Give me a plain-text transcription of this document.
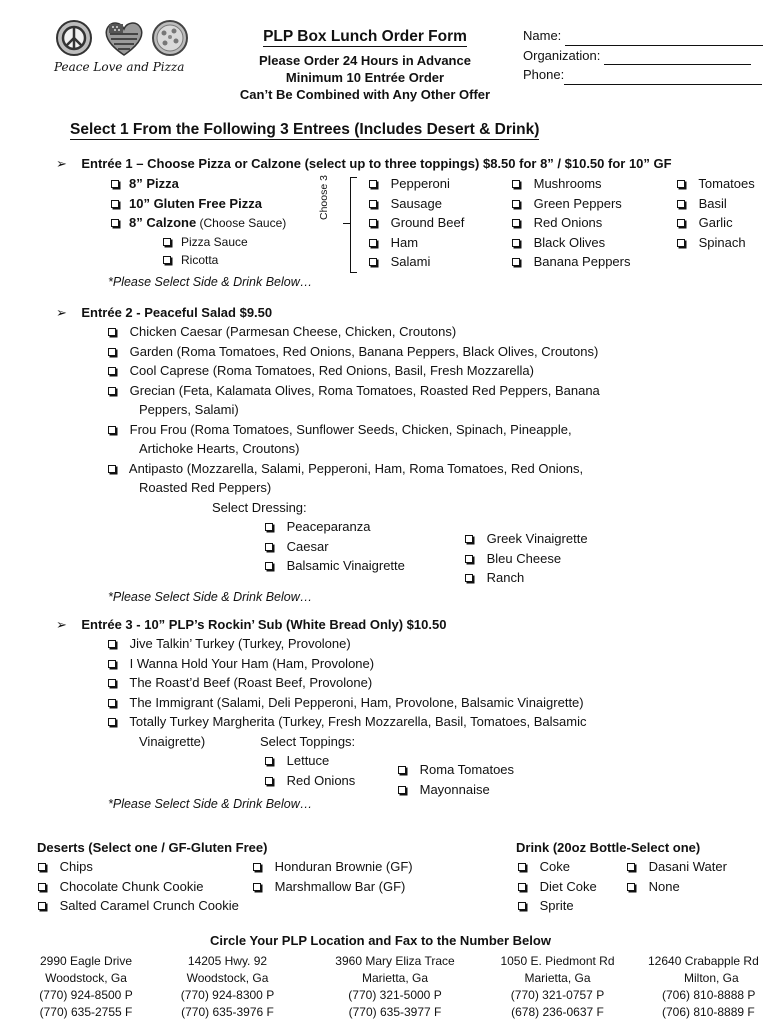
Peace Love and Pizza
PLP Box Lunch Order Form
Please Order 24 Hours in Advance
Minimum 10 Entrée Order
Can’t Be Combined with Any Other Offer
Name:
Organization:
Phone:
Select 1 From the Following 3 Entrees (Includes Desert & Drink)
➢ Entrée 1 – Choose Pizza or Calzone (select up to three toppings) $8.50 for 8” / $10.50 for 10” GF
8” Pizza
10” Gluten Free Pizza
8” Calzone (Choose Sauce)
Pizza Sauce
Ricotta
Choose 3	Pepperoni
Sausage
Ground Beef
Ham
Salami
Mushrooms
Green Peppers
Red Onions
Black Olives
Banana Peppers
Tomatoes
Basil
Garlic
Spinach
*Please Select Side & Drink Below…
➢ Entrée 2 - Peaceful Salad $9.50
Chicken Caesar (Parmesan Cheese, Chicken, Croutons)
Garden (Roma Tomatoes, Red Onions, Banana Peppers, Black Olives, Croutons)
Cool Caprese (Roma Tomatoes, Red Onions, Basil, Fresh Mozzarella)
Grecian (Feta, Kalamata Olives, Roma Tomatoes, Roasted Red Peppers, Banana
Peppers, Salami)
Frou Frou (Roma Tomatoes, Sunflower Seeds, Chicken, Spinach, Pineapple,
Artichoke Hearts, Croutons)
Antipasto (Mozzarella, Salami, Pepperoni, Ham, Roma Tomatoes, Red Onions,
Roasted Red Peppers)
Select Dressing:
Peaceparanza
Caesar
Balsamic Vinaigrette
Greek Vinaigrette
Bleu Cheese
Ranch
*Please Select Side & Drink Below…
➢ Entrée 3 - 10” PLP’s Rockin’ Sub (White Bread Only) $10.50
Jive Talkin’ Turkey (Turkey, Provolone)
I Wanna Hold Your Ham (Ham, Provolone)
The Roast’d Beef (Roast Beef, Provolone)
The Immigrant (Salami, Deli Pepperoni, Ham, Provolone, Balsamic Vinaigrette)
Totally Turkey Margherita (Turkey, Fresh Mozzarella, Basil, Tomatoes, Balsamic
Vinaigrette)	Select Toppings:
Lettuce
Red Onions
Roma Tomatoes
Mayonnaise
*Please Select Side & Drink Below…
Deserts (Select one / GF-Gluten Free)
Chips
Chocolate Chunk Cookie
Salted Caramel Crunch Cookie
Honduran Brownie (GF)
Marshmallow Bar (GF)
Drink (20oz Bottle-Select one)
Coke
Diet Coke
Sprite
Dasani Water
None
Circle Your PLP Location and Fax to the Number Below
2990 Eagle Drive
Woodstock, Ga
(770) 924-8500 P
(770) 635-2755 F
14205 Hwy. 92
Woodstock, Ga
(770) 924-8300 P
(770) 635-3976 F
3960 Mary Eliza Trace
Marietta, Ga
(770) 321-5000 P
(770) 635-3977 F
1050 E. Piedmont Rd
Marietta, Ga
(770) 321-0757 P
(678) 236-0637 F
12640 Crabapple Rd
Milton, Ga
(706) 810-8888 P
(706) 810-8889 F
